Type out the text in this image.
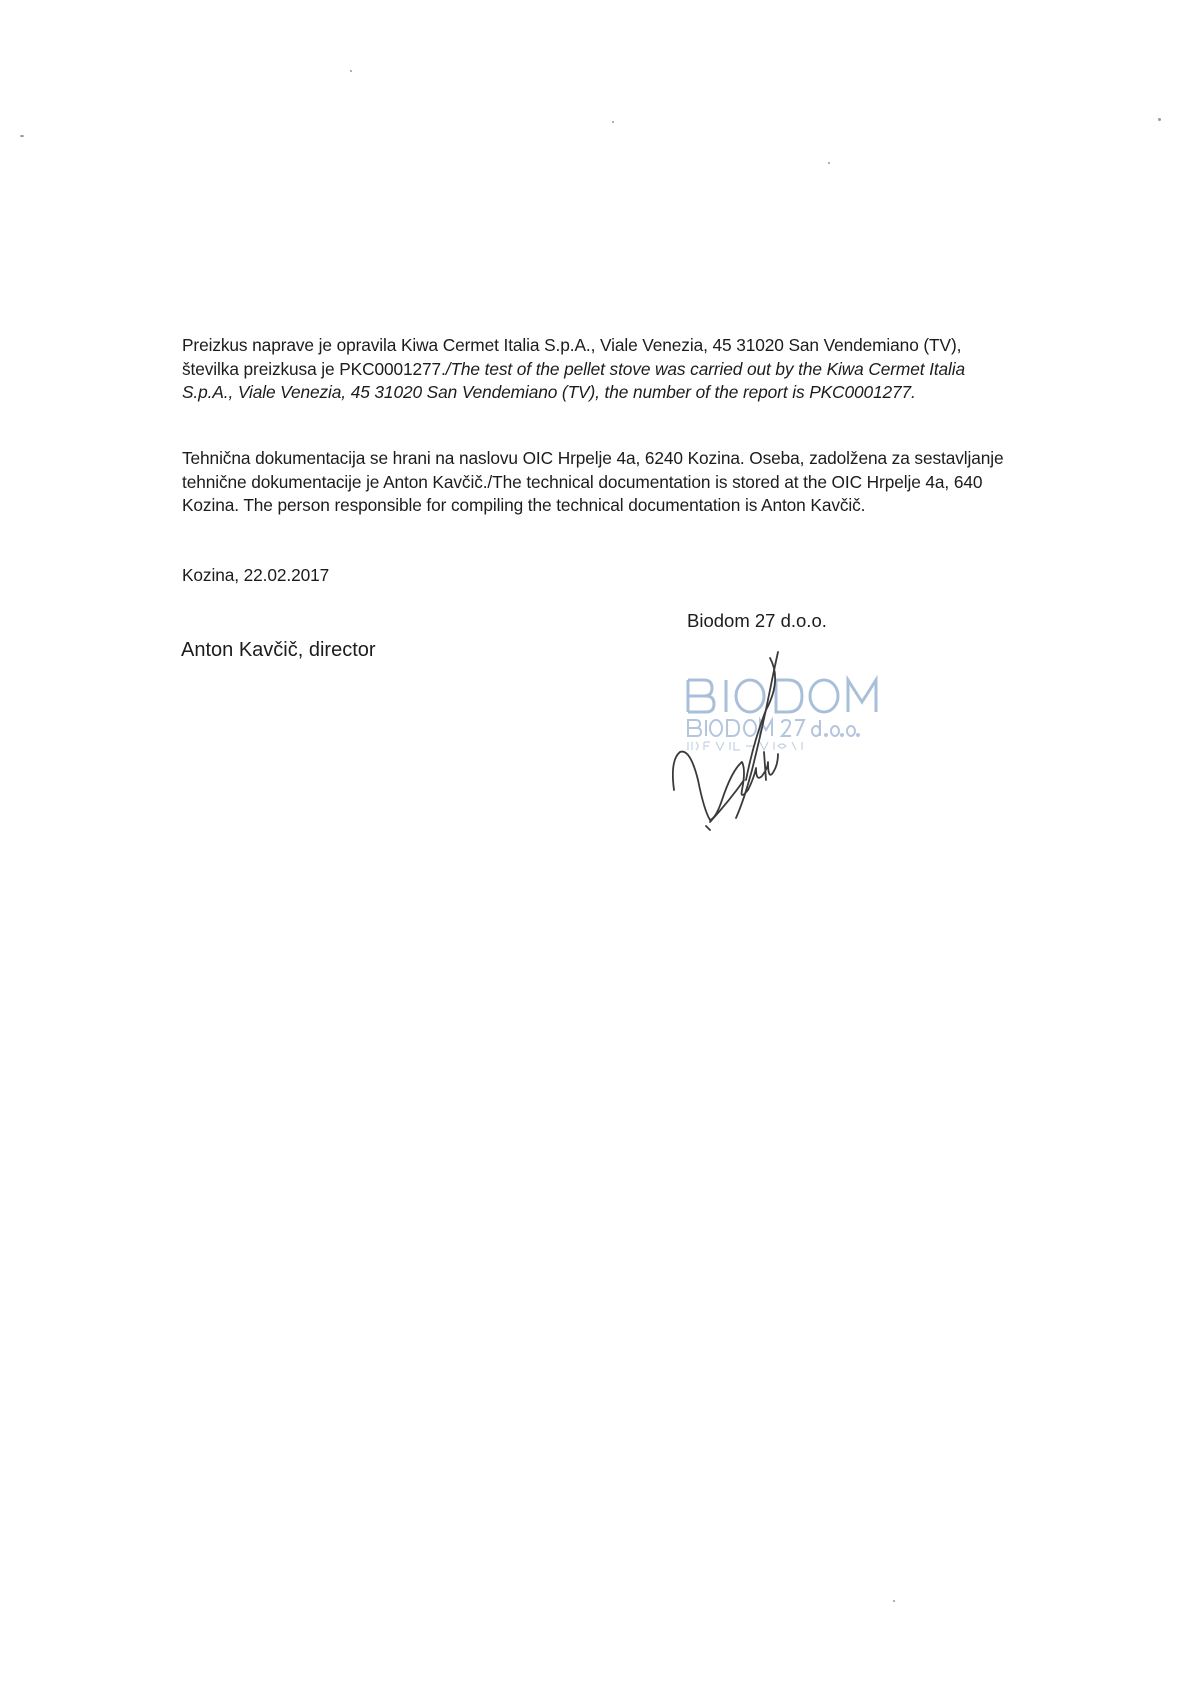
Preizkus naprave je opravila Kiwa Cermet Italia S.p.A., Viale Venezia, 45 31020 San Vendemiano (TV), številka preizkusa je PKC0001277./The test of the pellet stove was carried out by the Kiwa Cermet Italia S.p.A., Viale Venezia, 45 31020 San Vendemiano (TV), the number of the report is PKC0001277.
Tehnična dokumentacija se hrani na naslovu OIC Hrpelje 4a, 6240 Kozina. Oseba, zadolžena za sestavljanje tehnične dokumentacije je Anton Kavčič./The technical documentation is stored at the OIC Hrpelje 4a, 640 Kozina. The person responsible for compiling the technical documentation is Anton Kavčič.
Kozina, 22.02.2017
Biodom 27 d.o.o.
Anton Kavčič, director
